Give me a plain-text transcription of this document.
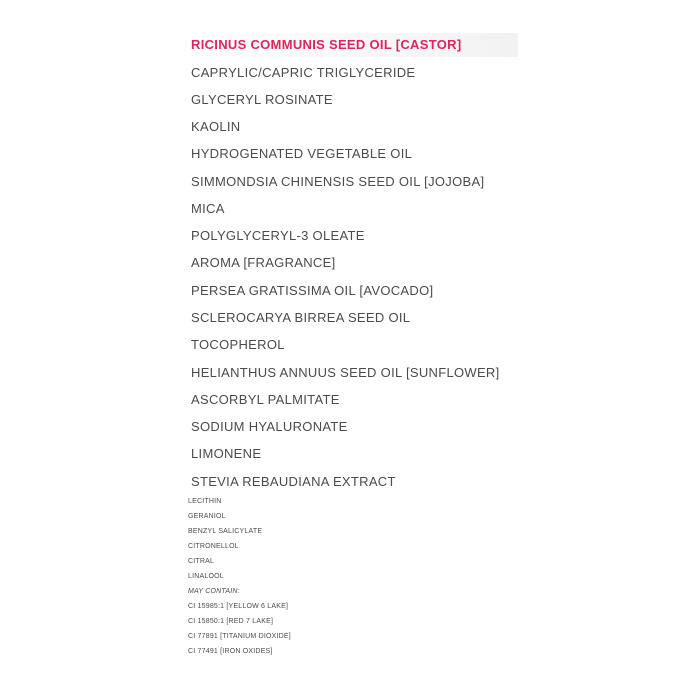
RICINUS COMMUNIS SEED OIL [CASTOR]
CAPRYLIC/CAPRIC TRIGLYCERIDE
GLYCERYL ROSINATE
KAOLIN
HYDROGENATED VEGETABLE OIL
SIMMONDSIA CHINENSIS SEED OIL [JOJOBA]
MICA
POLYGLYCERYL-3 OLEATE
AROMA [FRAGRANCE]
PERSEA GRATISSIMA OIL [AVOCADO]
SCLEROCARYA BIRREA SEED OIL
TOCOPHEROL
HELIANTHUS ANNUUS SEED OIL [SUNFLOWER]
ASCORBYL PALMITATE
SODIUM HYALURONATE
LIMONENE
STEVIA REBAUDIANA EXTRACT
LECITHIN
GERANIOL
BENZYL SALICYLATE
CITRONELLOL
CITRAL
LINALOOL
MAY CONTAIN:
CI 15985:1 [YELLOW 6 LAKE]
CI 15850:1 [RED 7 LAKE]
CI 77891 [TITANIUM DIOXIDE]
CI 77491 [IRON OXIDES]
